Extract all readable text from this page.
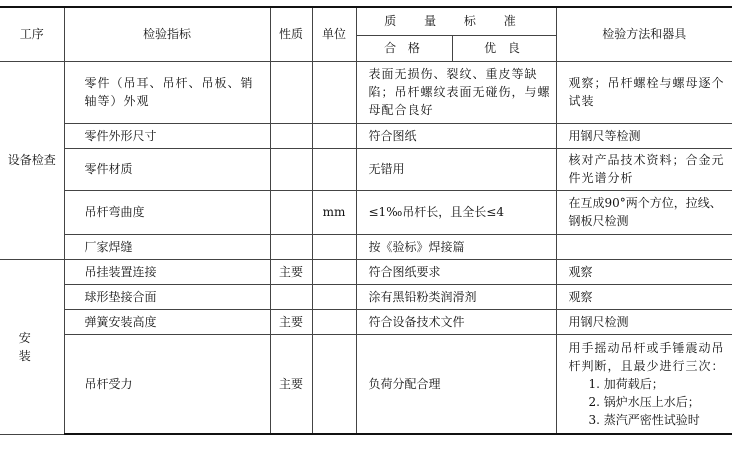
工序	检验指标	性质	单位	质 量 标 准		检验方法和器具
				合 格	优 良	
设备检查	零件（吊耳、吊杆、吊板、销轴等）外观			表面无损伤、裂纹、重皮等缺陷；吊杆螺纹表面无碰伤，与螺母配合良好		观察；吊杆螺栓与螺母逐个试装
	零件外形尺寸			符合图纸		用钢尺等检测
	零件材质			无错用		核对产品技术资料；合金元件光谱分析
	吊杆弯曲度		mm	≤1‰吊杆长，且全长≤4		在互成90°两个方位，拉线、钢板尺检测
	厂家焊缝			按《验标》焊接篇		
安 装	吊挂装置连接	主要		符合图纸要求		观察
	球形垫接合面			涂有黑铅粉类润滑剂		观察
	弹簧安装高度	主要		符合设备技术文件		用钢尺检测
	吊杆受力	主要		负荷分配合理		用手摇动吊杆或手锤震动吊杆判断，且最少进行三次：
1. 加荷载后；
2. 锅炉水压上水后；
3. 蒸汽严密性试验时
